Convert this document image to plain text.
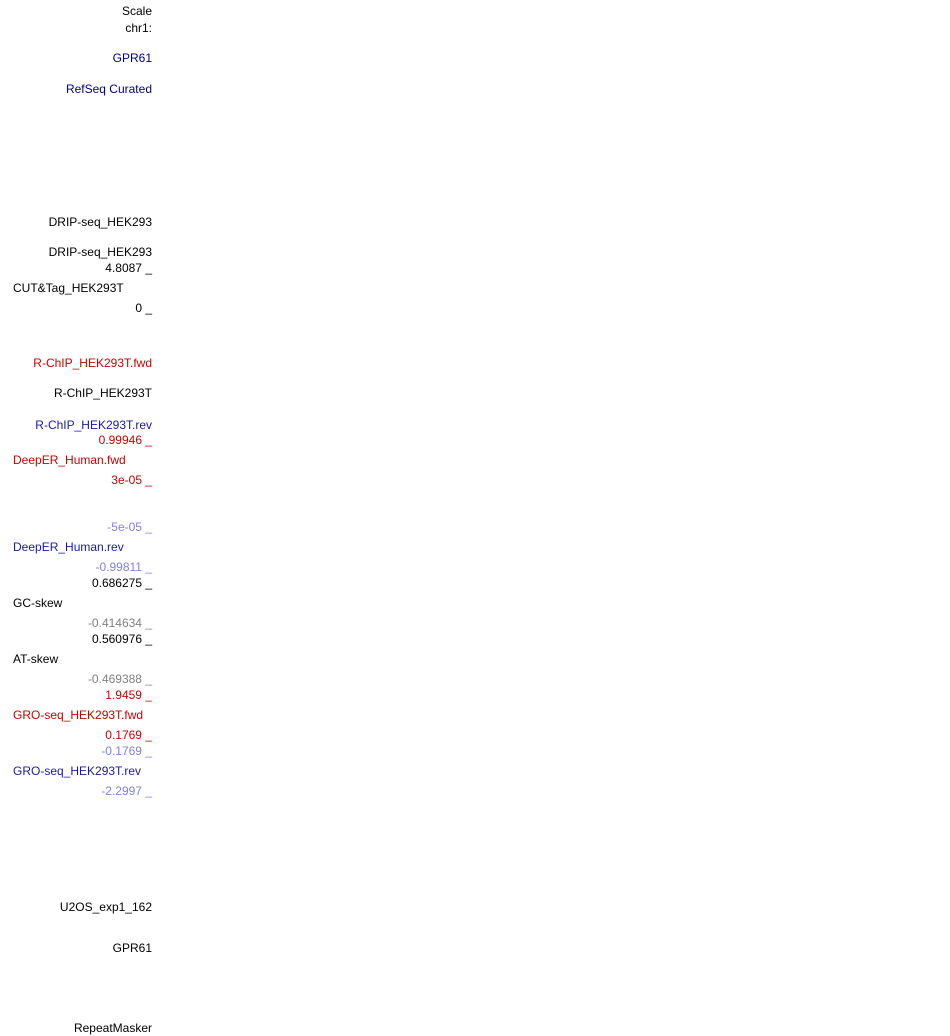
Scale
chr1:
GPR61
RefSeq Curated
DRIP-seq_HEK293
DRIP-seq_HEK293
4.8087 _
CUT&Tag_HEK293T
0 _
R-ChIP_HEK293T.fwd
R-ChIP_HEK293T
R-ChIP_HEK293T.rev
0.99946 _
DeepER_Human.fwd
3e-05 _
-5e-05 _
DeepER_Human.rev
-0.99811 _
0.686275 _
GC-skew
-0.414634 _
0.560976 _
AT-skew
-0.469388 _
1.9459 _
GRO-seq_HEK293T.fwd
0.1769 _
-0.1769 _
GRO-seq_HEK293T.rev
-2.2997 _
U2OS_exp1_162
GPR61
RepeatMasker
